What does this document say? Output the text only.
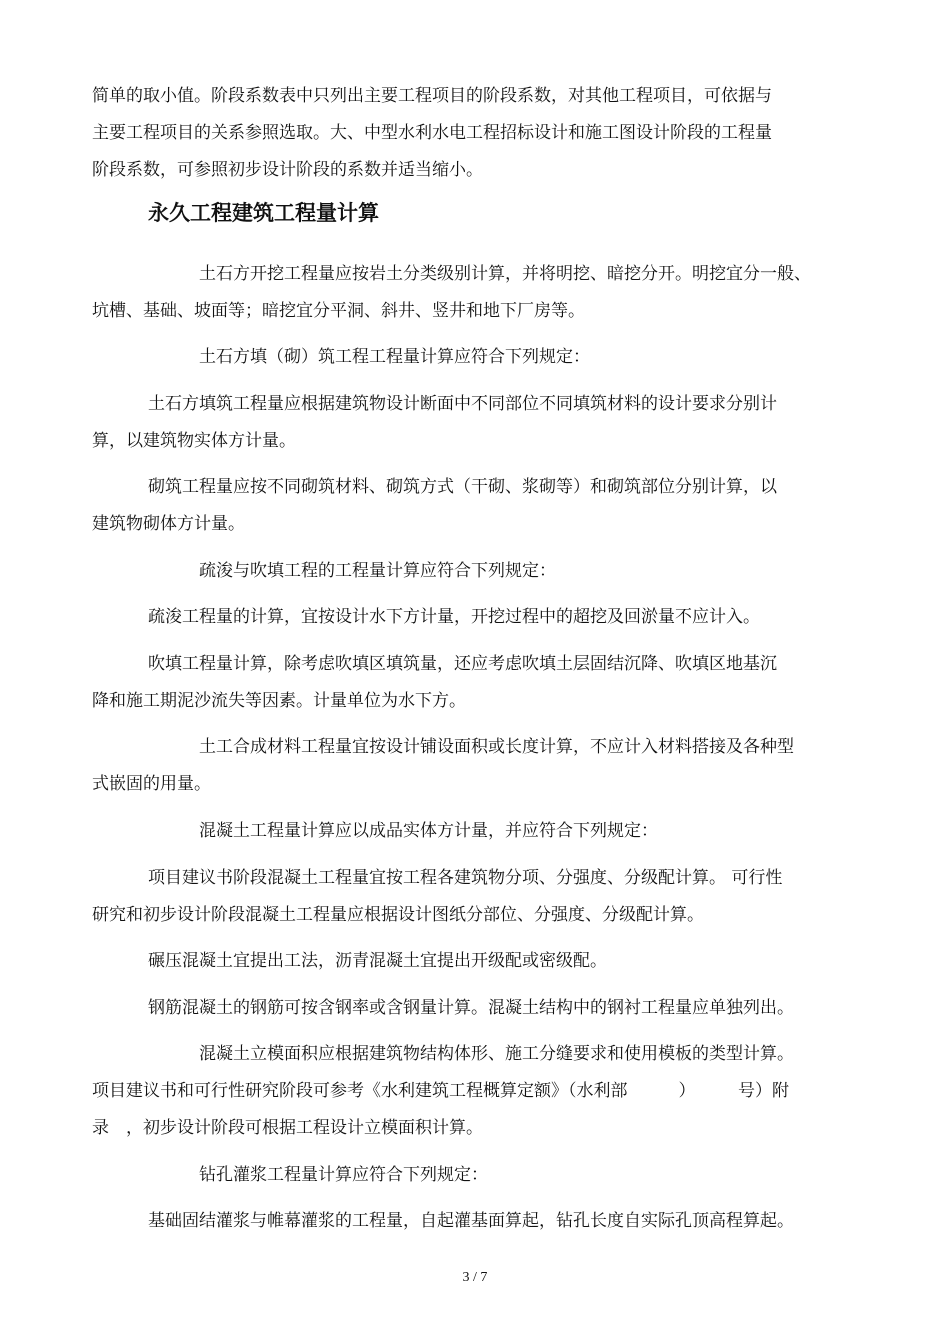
简单的取小值。阶段系数表中只列出主要工程项目的阶段系数，对其他工程项目，可依据与
主要工程项目的关系参照选取。大、中型水利水电工程招标设计和施工图设计阶段的工程量
阶段系数，可参照初步设计阶段的系数并适当缩小。
永久工程建筑工程量计算
土石方开挖工程量应按岩土分类级别计算，并将明挖、暗挖分开。明挖宜分一般、
坑槽、基础、坡面等；暗挖宜分平洞、斜井、竖井和地下厂房等。
土石方填（砌）筑工程工程量计算应符合下列规定：
土石方填筑工程量应根据建筑物设计断面中不同部位不同填筑材料的设计要求分别计
算，以建筑物实体方计量。
砌筑工程量应按不同砌筑材料、砌筑方式（干砌、浆砌等）和砌筑部位分别计算，以
建筑物砌体方计量。
疏浚与吹填工程的工程量计算应符合下列规定：
疏浚工程量的计算，宜按设计水下方计量，开挖过程中的超挖及回淤量不应计入。
吹填工程量计算，除考虑吹填区填筑量，还应考虑吹填土层固结沉降、吹填区地基沉
降和施工期泥沙流失等因素。计量单位为水下方。
土工合成材料工程量宜按设计铺设面积或长度计算，不应计入材料搭接及各种型
式嵌固的用量。
混凝土工程量计算应以成品实体方计量，并应符合下列规定：
项目建议书阶段混凝土工程量宜按工程各建筑物分项、分强度、分级配计算。 可行性
研究和初步设计阶段混凝土工程量应根据设计图纸分部位、分强度、分级配计算。
碾压混凝土宜提出工法，沥青混凝土宜提出开级配或密级配。
钢筋混凝土的钢筋可按含钢率或含钢量计算。混凝土结构中的钢衬工程量应单独列出。
混凝土立模面积应根据建筑物结构体形、施工分缝要求和使用模板的类型计算。
项目建议书和可行性研究阶段可参考《水利建筑工程概算定额》（水利部　　　）　　　号）附
录　，初步设计阶段可根据工程设计立模面积计算。
钻孔灌浆工程量计算应符合下列规定：
基础固结灌浆与帷幕灌浆的工程量，自起灌基面算起，钻孔长度自实际孔顶高程算起。
3 / 7
